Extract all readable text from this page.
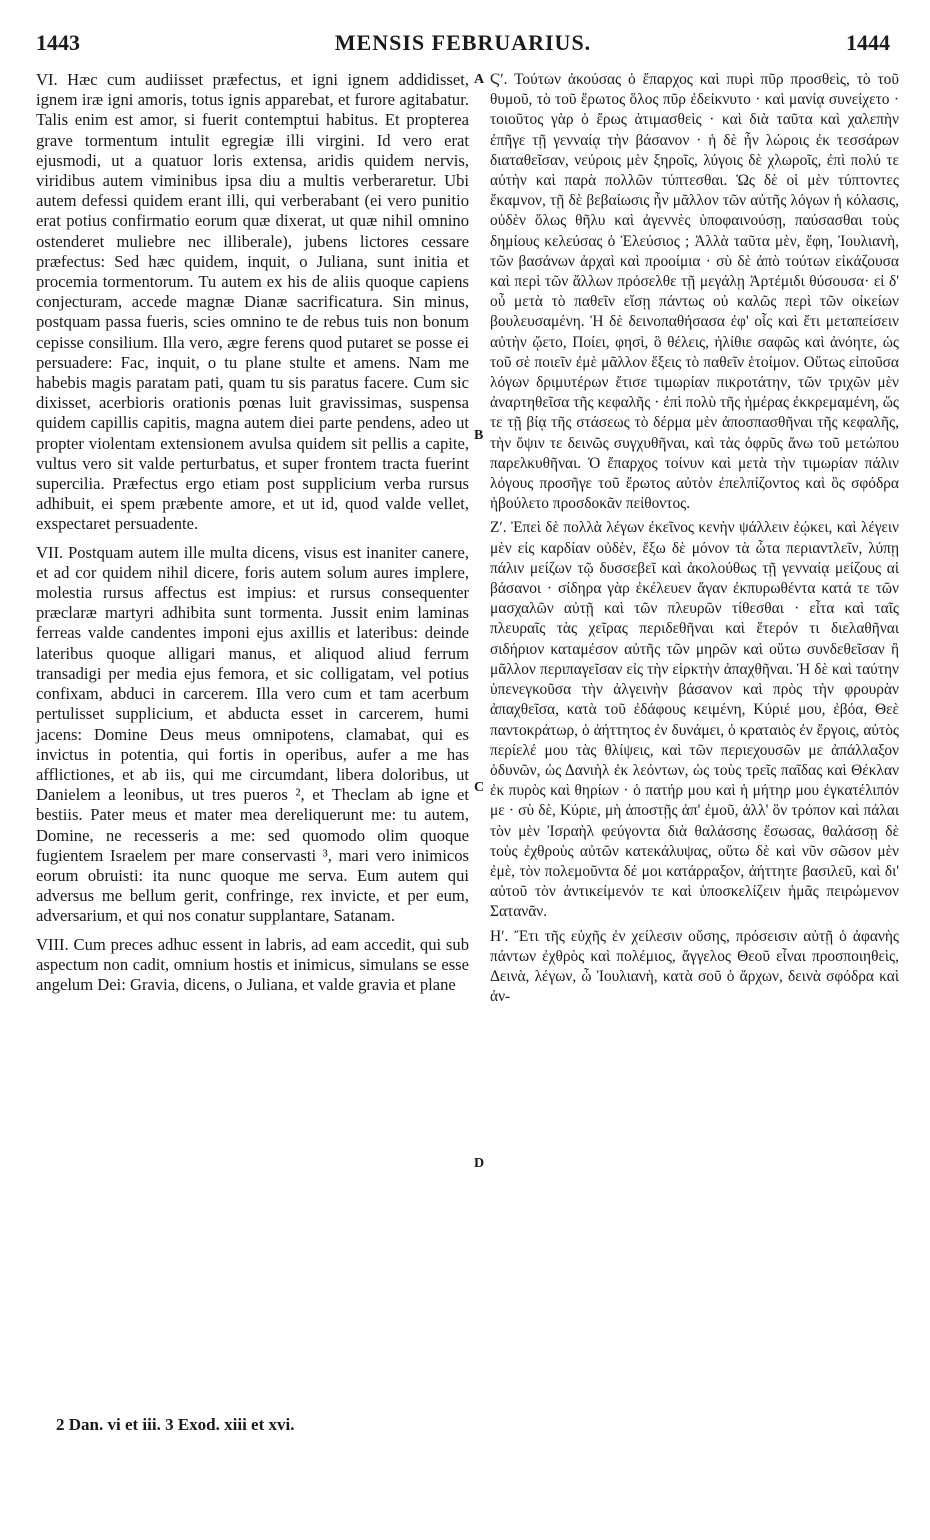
1443	MENSIS FEBRUARIUS.	1444

VI. Hæc cum audiisset præfectus, et igni ignem addidisset, ignem iræ igni amoris, totus ignis apparebat, et furore agitabatur. Talis enim est amor, si fuerit contemptui habitus. Et propterea grave tormentum intulit egregiæ illi virgini. Id vero erat ejusmodi, ut a quatuor loris extensa, aridis quidem nervis, viridibus autem viminibus ipsa diu a multis verberaretur. Ubi autem defessi quidem erant illi, qui verberabant (ei vero punitio erat potius confirmatio eorum quæ dixerat, ut quæ nihil omnino ostenderet muliebre nec illiberale), jubens lictores cessare præfectus: Sed hæc quidem, inquit, o Juliana, sunt initia et procemia tormentorum. Tu autem ex his de aliis quoque capiens conjecturam, accede magnæ Dianæ sacrificatura. Sin minus, postquam passa fueris, scies omnino te de rebus tuis non bonum cepisse consilium. Illa vero, ægre ferens quod putaret se posse ei persuadere: Fac, inquit, o tu plane stulte et amens. Nam me habebis magis paratam pati, quam tu sis paratus facere. Cum sic dixisset, acerbioris orationis pœnas luit gravissimas, suspensa quidem capillis capitis, magna autem diei parte pendens, adeo ut propter violentam extensionem avulsa quidem sit pellis a capite, vultus vero sit valde perturbatus, et super frontem tracta fuerint supercilia. Præfectus ergo etiam post supplicium verba rursus adhibuit, ei spem præbente amore, et ut id, quod valde vellet, exspectaret persuadente.

VII. Postquam autem ille multa dicens, visus est inaniter canere, et ad cor quidem nihil dicere, foris autem solum aures implere, molestia rursus affectus est impius: et rursus consequenter præclaræ martyri adhibita sunt tormenta. Jussit enim laminas ferreas valde candentes imponi ejus axillis et lateribus: deinde lateribus quoque alligari manus, et aliquod aliud ferrum transadigi per media ejus femora, et sic colligatam, vel potius confixam, abduci in carcerem. Illa vero cum et tam acerbum pertulisset supplicium, et abducta esset in carcerem, humi jacens: Domine Deus meus omnipotens, clamabat, qui es invictus in potentia, qui fortis in operibus, aufer a me has afflictiones, et ab iis, qui me circumdant, libera doloribus, ut Danielem a leonibus, ut tres pueros ², et Theclam ab igne et bestiis. Pater meus et mater mea dereliquerunt me: tu autem, Domine, ne recesseris a me: sed quomodo olim quoque fugientem Israelem per mare conservasti ³, mari vero inimicos eorum obruisti: ita nunc quoque me serva. Eum autem qui adversus me bellum gerit, confringe, rex invicte, et per eum, adversarium, et qui nos conatur supplantare, Satanam.

VIII. Cum preces adhuc essent in labris, ad eam accedit, qui sub aspectum non cadit, omnium hostis et inimicus, simulans se esse angelum Dei: Gravia, dicens, o Juliana, et valde gravia et plane

Ϛʹ. Τούτων ἀκούσας ὁ ἔπαρχος καὶ πυρὶ πῦρ προσθεὶς, τὸ τοῦ θυμοῦ, τὸ τοῦ ἔρωτος ὅλος πῦρ ἐδείκνυτο · καὶ μανίᾳ συνείχετο · τοιοῦτος γὰρ ὁ ἔρως ἀτιμασθεὶς · καὶ διὰ ταῦτα καὶ χαλεπὴν ἐπῆγε τῇ γενναίᾳ τὴν βάσανον · ἡ δὲ ἦν λώροις ἐκ τεσσάρων διαταθεῖσαν, νεύροις μὲν ξηροῖς, λύγοις δὲ χλωροῖς, ἐπὶ πολύ τε αὐτὴν καὶ παρὰ πολλῶν τύπτεσθαι. Ὡς δὲ οἱ μὲν τύπτοντες ἔκαμνον, τῇ δὲ βεβαίωσις ἦν μᾶλλον τῶν αὐτῆς λόγων ἡ κόλασις, οὐδὲν ὅλως θῆλυ καὶ ἀγεννὲς ὑποφαινούσῃ, παύσασθαι τοὺς δημίους κελεύσας ὁ Ἐλεύσιος ; Ἀλλὰ ταῦτα μὲν, ἔφη, Ἰουλιανὴ, τῶν βασάνων ἀρχαὶ καὶ προοίμια · σὺ δὲ ἀπὸ τούτων εἰκάζουσα καὶ περὶ τῶν ἄλλων πρόσελθε τῇ μεγάλῃ Ἀρτέμιδι θύσουσα· εἰ δ' οὖ μετὰ τὸ παθεῖν εἴσῃ πάντως οὐ καλῶς περὶ τῶν οἰκείων βουλευσαμένη. Ἡ δὲ δεινοπαθήσασα ἐφ' οἷς καὶ ἔτι μεταπείσειν αὐτὴν ᾤετο, Ποίει, φησὶ, ὃ θέλεις, ἠλίθιε σαφῶς καὶ ἀνόητε, ὡς τοῦ σὲ ποιεῖν ἐμὲ μᾶλλον ἕξεις τὸ παθεῖν ἑτοίμον. Οὕτως εἰποῦσα λόγων δριμυτέρων ἔτισε τιμωρίαν πικροτάτην, τῶν τριχῶν μὲν ἀναρτηθεῖσα τῆς κεφαλῆς · ἐπὶ πολὺ τῆς ἡμέρας ἐκκρεμαμένη, ὥς τε τῇ βίᾳ τῆς στάσεως τὸ δέρμα μὲν ἀποσπασθῆναι τῆς κεφαλῆς, τὴν ὄψιν τε δεινῶς συγχυθῆναι, καὶ τὰς ὀφρῦς ἄνω τοῦ μετώπου παρελκυθῆναι. Ὁ ἔπαρχος τοίνυν καὶ μετὰ τὴν τιμωρίαν πάλιν λόγους προσῆγε τοῦ ἔρωτος αὐτὸν ἐπελπίζοντος καὶ ὃς σφόδρα ἠβούλετο προσδοκᾶν πείθοντος.

Ζʹ. Ἐπεὶ δὲ πολλὰ λέγων ἐκεῖνος κενὴν ψάλλειν ἐῴκει, καὶ λέγειν μὲν εἰς καρδίαν οὐδὲν, ἔξω δὲ μόνον τὰ ὦτα περιαντλεῖν, λύπῃ πάλιν μείζων τῷ δυσσεβεῖ καὶ ἀκολούθως τῇ γενναίᾳ μείζους αἱ βάσανοι · σίδηρα γὰρ ἐκέλευεν ἄγαν ἐκπυρωθέντα κατά τε τῶν μασχαλῶν αὐτῇ καὶ τῶν πλευρῶν τίθεσθαι · εἶτα καὶ ταῖς πλευραῖς τὰς χεῖρας περιδεθῆναι καὶ ἕτερόν τι διελαθῆναι σιδήριον καταμέσον αὐτῆς τῶν μηρῶν καὶ οὕτω συνδεθεῖσαν ἢ μᾶλλον περιπαγεῖσαν εἰς τὴν εἱρκτὴν ἀπαχθῆναι. Ἡ δὲ καὶ ταύτην ὑπενεγκοῦσα τὴν ἀλγεινὴν βάσανον καὶ πρὸς τὴν φρουρὰν ἀπαχθεῖσα, κατὰ τοῦ ἐδάφους κειμένη, Κύριέ μου, ἐβόα, Θεὲ παντοκράτωρ, ὁ ἀήττητος ἐν δυνάμει, ὁ κραταιὸς ἐν ἔργοις, αὐτὸς περίελέ μου τὰς θλίψεις, καὶ τῶν περιεχουσῶν με ἀπάλλαξον ὀδυνῶν, ὡς Δανιὴλ ἐκ λεόντων, ὡς τοὺς τρεῖς παῖδας καὶ Θέκλαν ἐκ πυρὸς καὶ θηρίων · ὁ πατήρ μου καὶ ἡ μήτηρ μου ἐγκατέλιπόν με · σὺ δὲ, Κύριε, μὴ ἀποστῇς ἀπ' ἐμοῦ, ἀλλ' ὃν τρόπον καὶ πάλαι τὸν μὲν Ἰσραὴλ φεύγοντα διὰ θαλάσσης ἔσωσας, θαλάσσῃ δὲ τοὺς ἐχθροὺς αὐτῶν κατεκάλυψας, οὕτω δὲ καὶ νῦν σῶσον μὲν ἐμὲ, τὸν πολεμοῦντα δέ μοι κατάρραξον, ἀήττητε βασιλεῦ, καὶ δι' αὐτοῦ τὸν ἀντικείμενόν τε καὶ ὑποσκελίζειν ἡμᾶς πειρώμενον Σατανᾶν.

Ηʹ. Ἔτι τῆς εὐχῆς ἐν χείλεσιν οὔσης, πρόσεισιν αὐτῇ ὁ ἀφανὴς πάντων ἐχθρὸς καὶ πολέμιος, ἄγγελος Θεοῦ εἶναι προσποιηθεὶς, Δεινὰ, λέγων, ὦ Ἰουλιανὴ, κατὰ σοῦ ὁ ἄρχων, δεινὰ σφόδρα καὶ ἀν-

A
B
C
D
2 Dan. vi et iii. 3 Exod. xiii et xvi.
